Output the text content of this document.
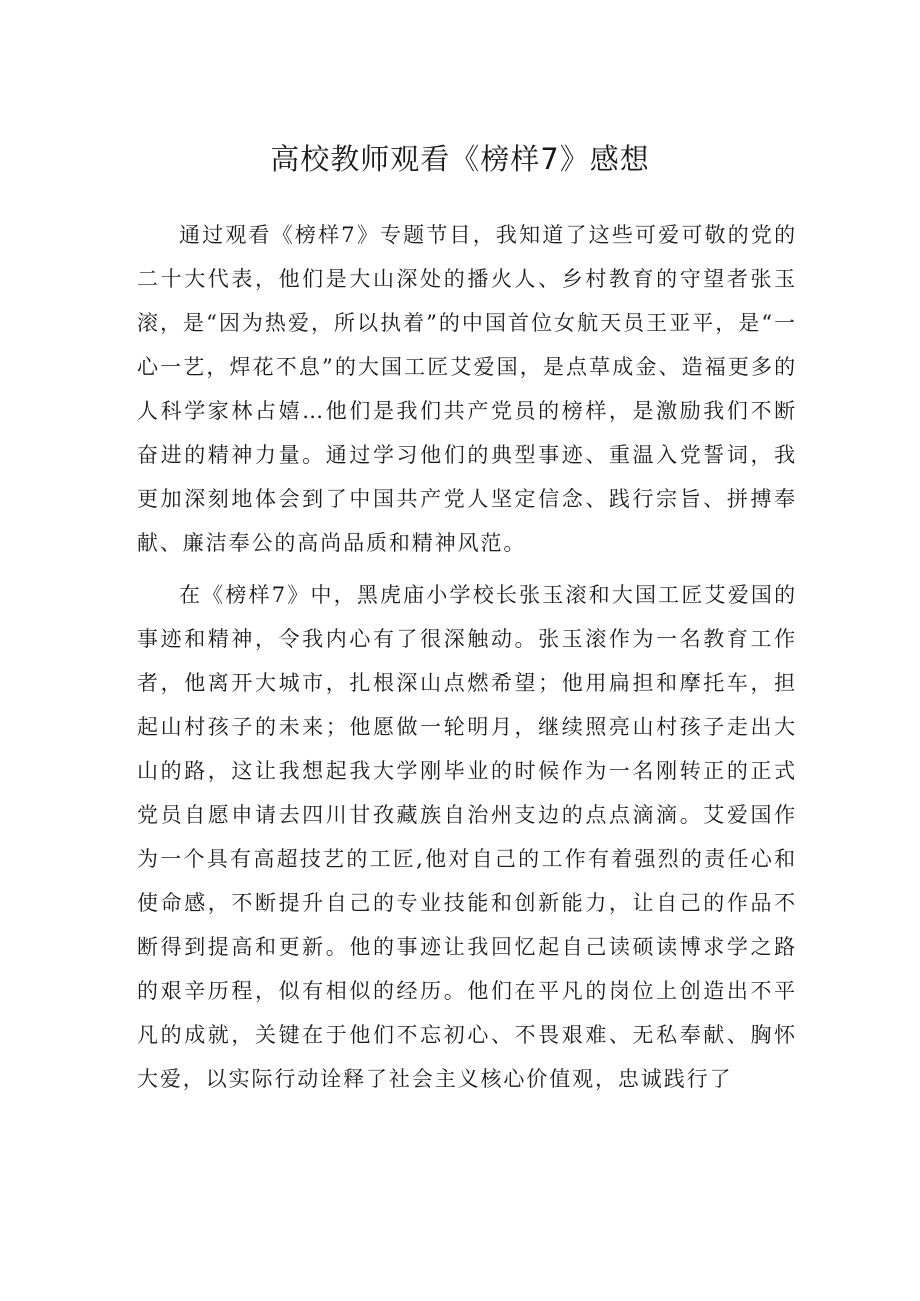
高校教师观看《榜样7》感想

通过观看《榜样7》专题节目，我知道了这些可爱可敬的党的二十大代表，他们是大山深处的播火人、乡村教育的守望者张玉滚，是“因为热爱，所以执着”的中国首位女航天员王亚平，是“一心一艺，焊花不息”的大国工匠艾爱国，是点草成金、造福更多的人科学家林占嬉…他们是我们共产党员的榜样，是激励我们不断奋进的精神力量。通过学习他们的典型事迹、重温入党誓词，我更加深刻地体会到了中国共产党人坚定信念、践行宗旨、拼搏奉献、廉洁奉公的高尚品质和精神风范。

在《榜样7》中，黑虎庙小学校长张玉滚和大国工匠艾爱国的事迹和精神，令我内心有了很深触动。张玉滚作为一名教育工作者，他离开大城市，扎根深山点燃希望；他用扁担和摩托车，担起山村孩子的未来；他愿做一轮明月，继续照亮山村孩子走出大山的路，这让我想起我大学刚毕业的时候作为一名刚转正的正式党员自愿申请去四川甘孜藏族自治州支边的点点滴滴。艾爱国作为一个具有高超技艺的工匠,他对自己的工作有着强烈的责任心和使命感，不断提升自己的专业技能和创新能力，让自己的作品不断得到提高和更新。他的事迹让我回忆起自己读硕读博求学之路的艰辛历程，似有相似的经历。他们在平凡的岗位上创造出不平凡的成就，关键在于他们不忘初心、不畏艰难、无私奉献、胸怀大爱，以实际行动诠释了社会主义核心价值观，忠诚践行了
